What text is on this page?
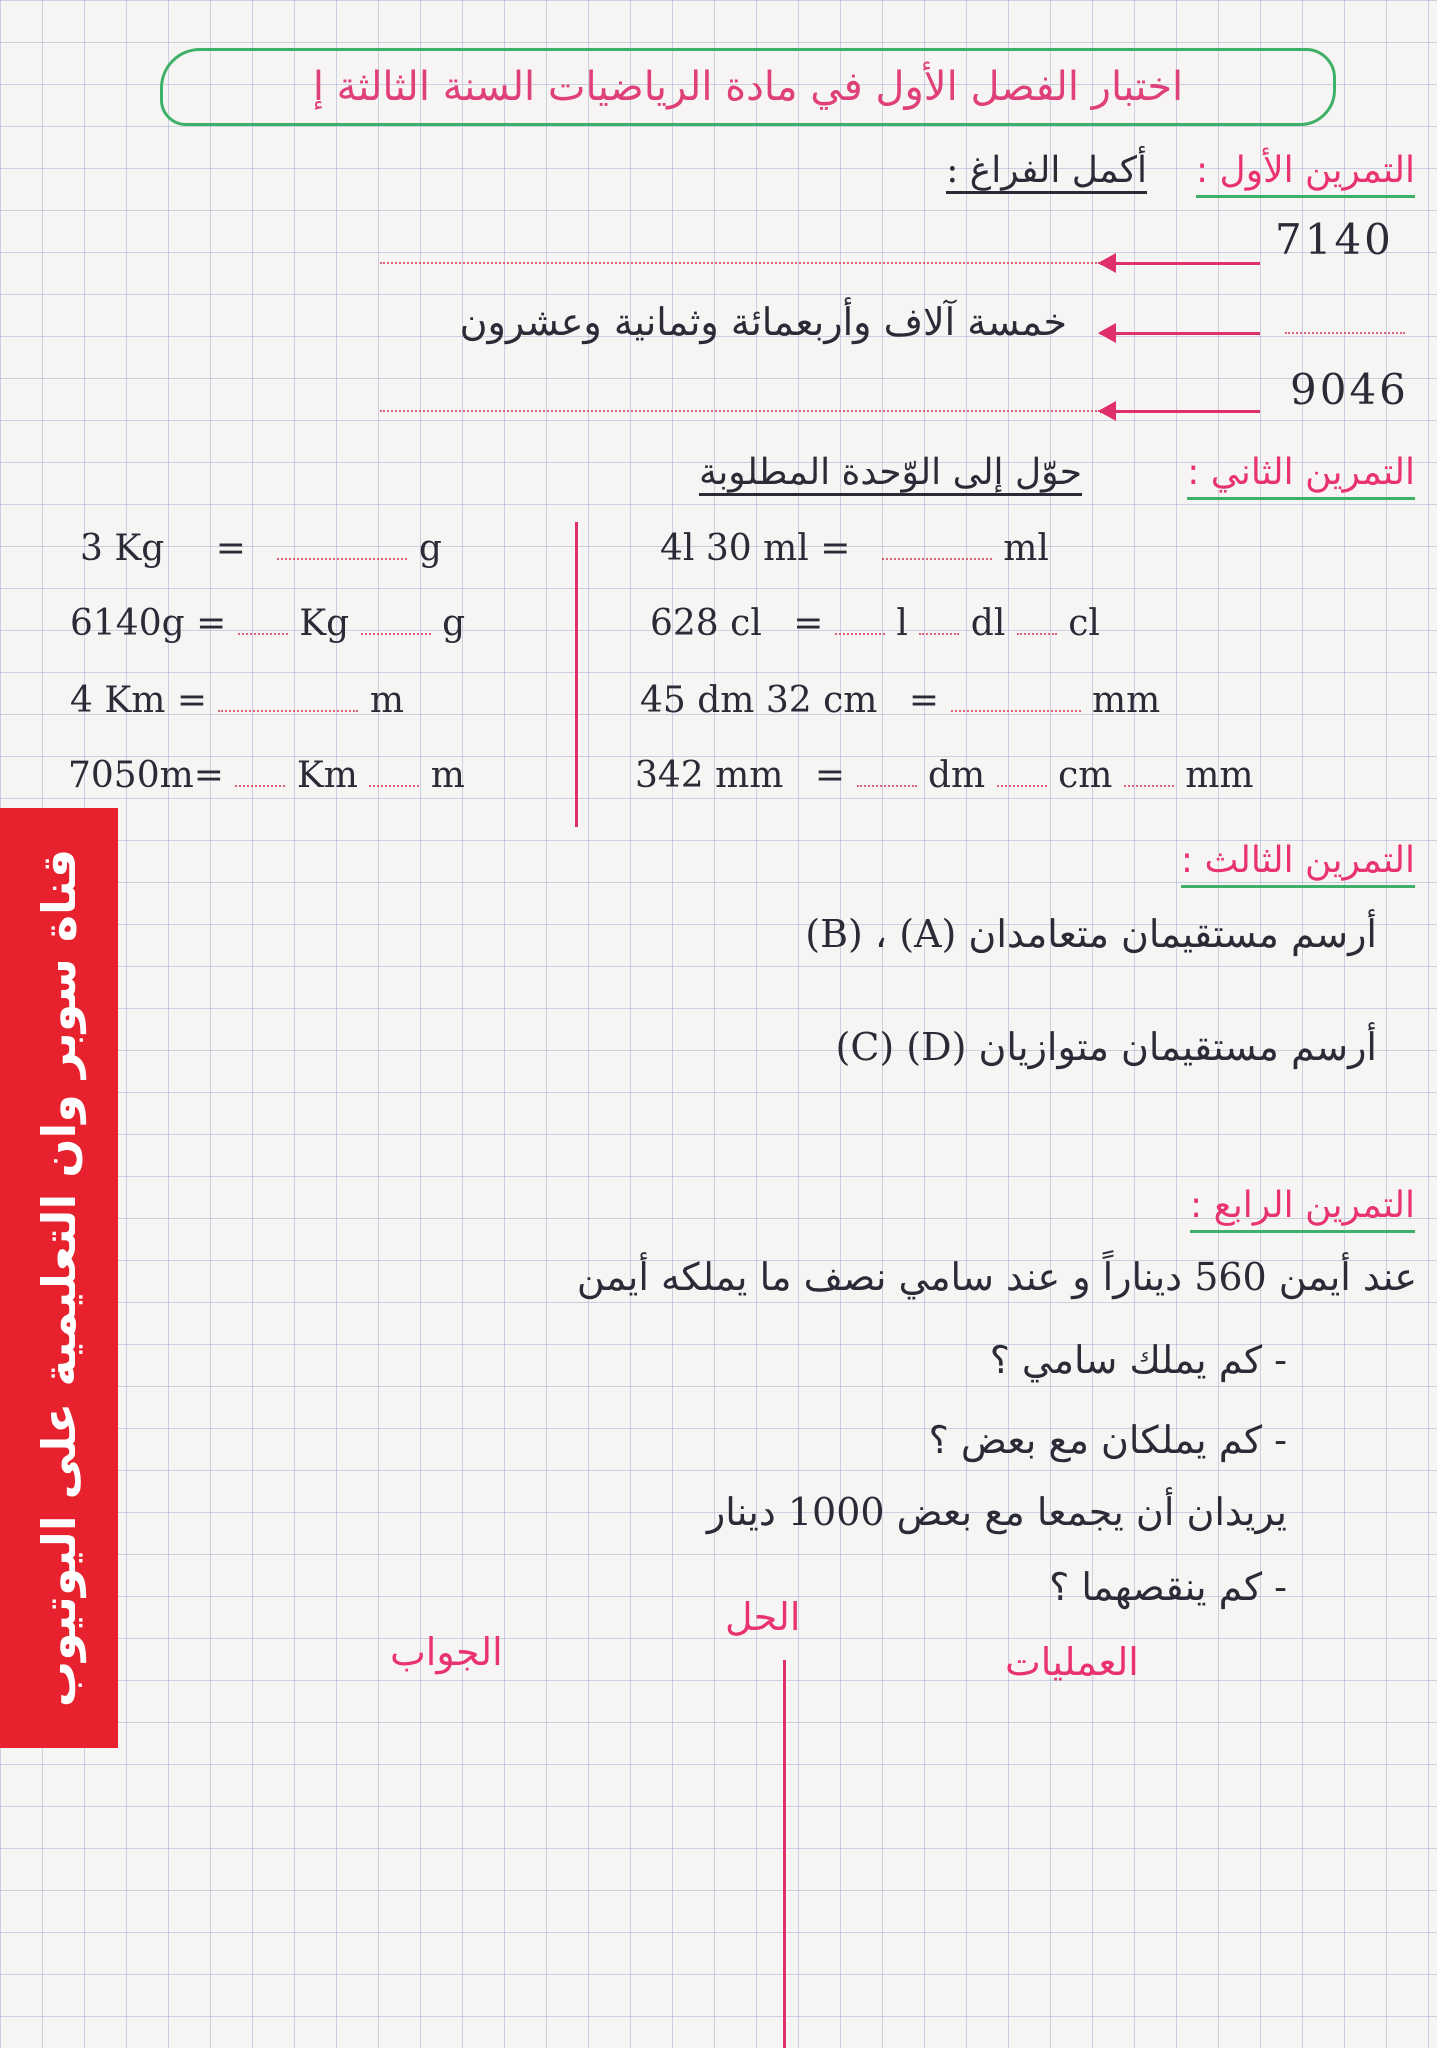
اختبار الفصل الأول في مادة الرياضيات السنة الثالثة إ
التمرين الأول :
أكمل الفراغ :
7140
خمسة آلاف وأربعمائة وثمانية وعشرون
9046
التمرين الثاني :
حوّل إلى الوّحدة المطلوبة
3 Kg =	g
6140g = Kg	g
4 Km =	m
7050m= Km m
4l 30 ml =	ml
628 cl = l dl cl
45 dm 32 cm =	mm
342 mm = dm cm mm
التمرين الثالث :
أرسم مستقيمان متعامدان (A) ، (B)
أرسم مستقيمان متوازيان (D) (C)
التمرين الرابع :
عند أيمن 560 ديناراً و عند سامي نصف ما يملكه أيمن
- كم يملك سامي ؟
- كم يملكان مع بعض ؟
يريدان أن يجمعا مع بعض 1000 دينار
- كم ينقصهما ؟
الحل
العمليات
الجواب
قناة سوبر وان التعليمية على اليوتيوب
